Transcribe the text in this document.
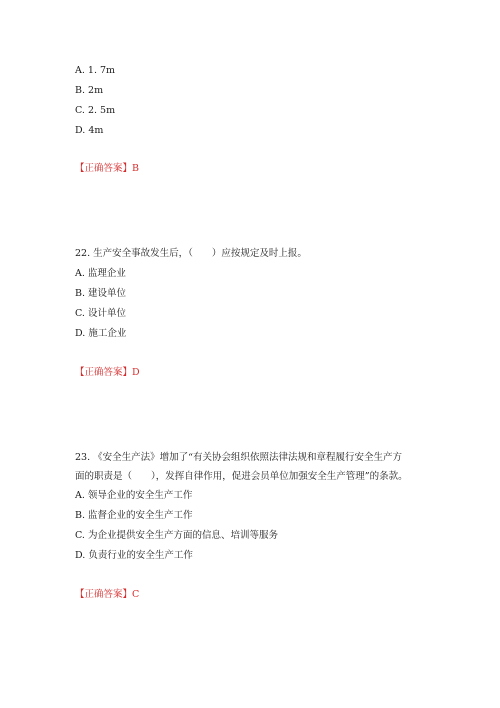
A. 1. 7m
B. 2m
C. 2. 5m
D. 4m
【正确答案】B
22. 生产安全事故发生后，（　　）应按规定及时上报。
A. 监理企业
B. 建设单位
C. 设计单位
D. 施工企业
【正确答案】D
23. 《安全生产法》增加了“有关协会组织依照法律法规和章程履行安全生产方
面的职责是（　　），发挥自律作用，促进会员单位加强安全生产管理”的条款。
A. 领导企业的安全生产工作
B. 监督企业的安全生产工作
C. 为企业提供安全生产方面的信息、培训等服务
D. 负责行业的安全生产工作
【正确答案】C
